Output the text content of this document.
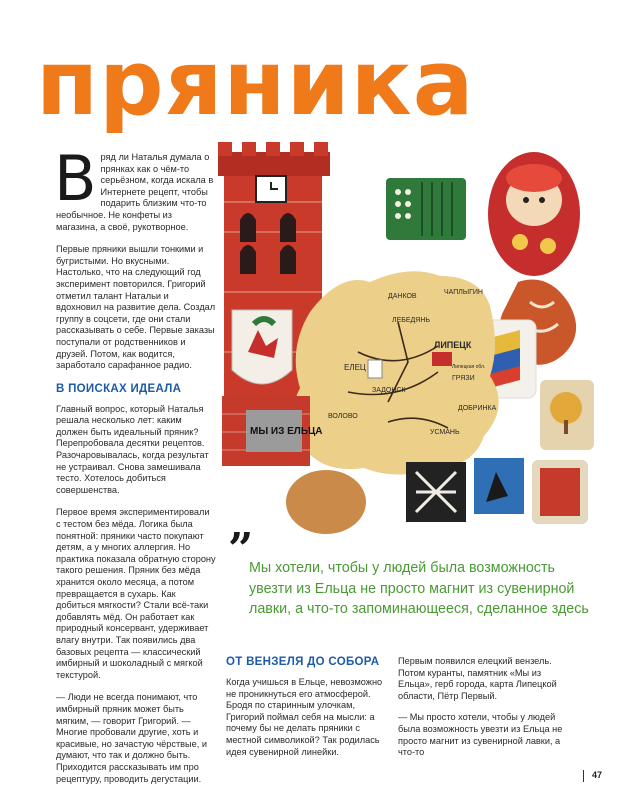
пряника

Вряд ли Наталья думала о прянках как о чём-то серьёзном, когда искала в Интернете рецепт, чтобы подарить близким что-то необычное. Не конфеты из магазина, а своё, рукотворное.

Первые пряники вышли тонкими и бугристыми. Но вкусными. Настолько, что на следующий год эксперимент повторился. Григорий отметил талант Натальи и вдохновил на развитие дела. Создал группу в соцсети, где они стали рассказывать о себе. Первые заказы поступали от родственников и друзей. Потом, как водится, заработало сарафанное радио.

В ПОИСКАХ ИДЕАЛА

Главный вопрос, который Наталья решала несколько лет: каким должен быть идеальный пряник? Перепробовала десятки рецептов. Разочаровывалась, когда результат не устраивал. Снова замешивала тесто. Хотелось добиться совершенства.

Первое время экспериментировали с тестом без мёда. Логика была понятной: пряники часто покупают детям, а у многих аллергия. Но практика показала обратную сторону такого решения. Пряник без мёда хранится около месяца, а потом превращается в сухарь. Как добиться мягкости? Стали всё-таки добавлять мёд. Он работает как природный консервант, удерживает влагу внутри. Так появились два базовых рецепта — классический имбирный и шоколадный с мягкой текстурой.

— Люди не всегда понимают, что имбирный пряник может быть мягким, — говорит Григорий. — Многие пробовали другие, хоть и красивые, но зачастую чёрствые, и думают, что так и должно быть. Приходится рассказывать им про рецептуру, проводить дегустации.

ДАНКОВ
ЧАПЛЫГИН
ЛЕБЕДЯНЬ
ЛИПЕЦК
ЕЛЕЦ
ЗАДОНСК
ГРЯЗИ
ВОЛОВО
УСМАНЬ
ДОБРИНКА
Липецкая обл.
МЫ ИЗ ЕЛЬЦА
”
Мы хотели, чтобы у людей была возможность увезти из Ельца не просто магнит из сувенирной лавки, а что-то запоминающееся, сделанное здесь
ОТ ВЕНЗЕЛЯ ДО СОБОРА

Когда учишься в Ельце, невозможно не проникнуться его атмосферой. Бродя по старинным улочкам, Григорий поймал себя на мысли: а почему бы не делать пряники с местной символикой? Так родилась идея сувенирной линейки.

Первым появился елецкий вензель. Потом куранты, памятник «Мы из Ельца», герб города, карта Липецкой области, Пётр Первый.

— Мы просто хотели, чтобы у людей была возможность увезти из Ельца не просто магнит из сувенирной лавки, а что-то

47
